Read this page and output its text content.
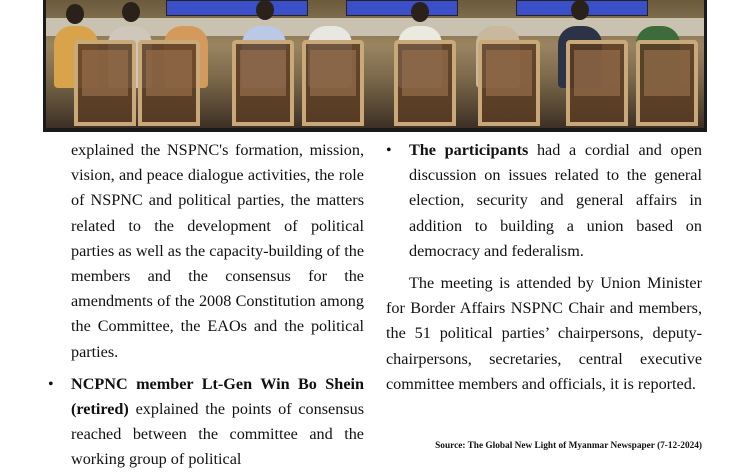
explained the NSPNC's formation, mission, vision, and peace dialogue activities, the role of NSPNC and political parties, the matters related to the development of political parties as well as the capacity-building of the members and the consensus for the amendments of the 2008 Constitution among the Committee, the EAOs and the political parties.

• NCPNC member Lt-Gen Win Bo Shein (retired) explained the points of consensus reached between the committee and the working group of political

• The participants had a cordial and open discussion on issues related to the general election, security and general affairs in addition to building a union based on democracy and federalism.

The meeting is attended by Union Minister for Border Affairs NSPNC Chair and members, the 51 political parties’ chairpersons, deputy-chairpersons, secretaries, central executive committee members and officials, it is reported.

Source: The Global New Light of Myanmar Newspaper (7-12-2024)
